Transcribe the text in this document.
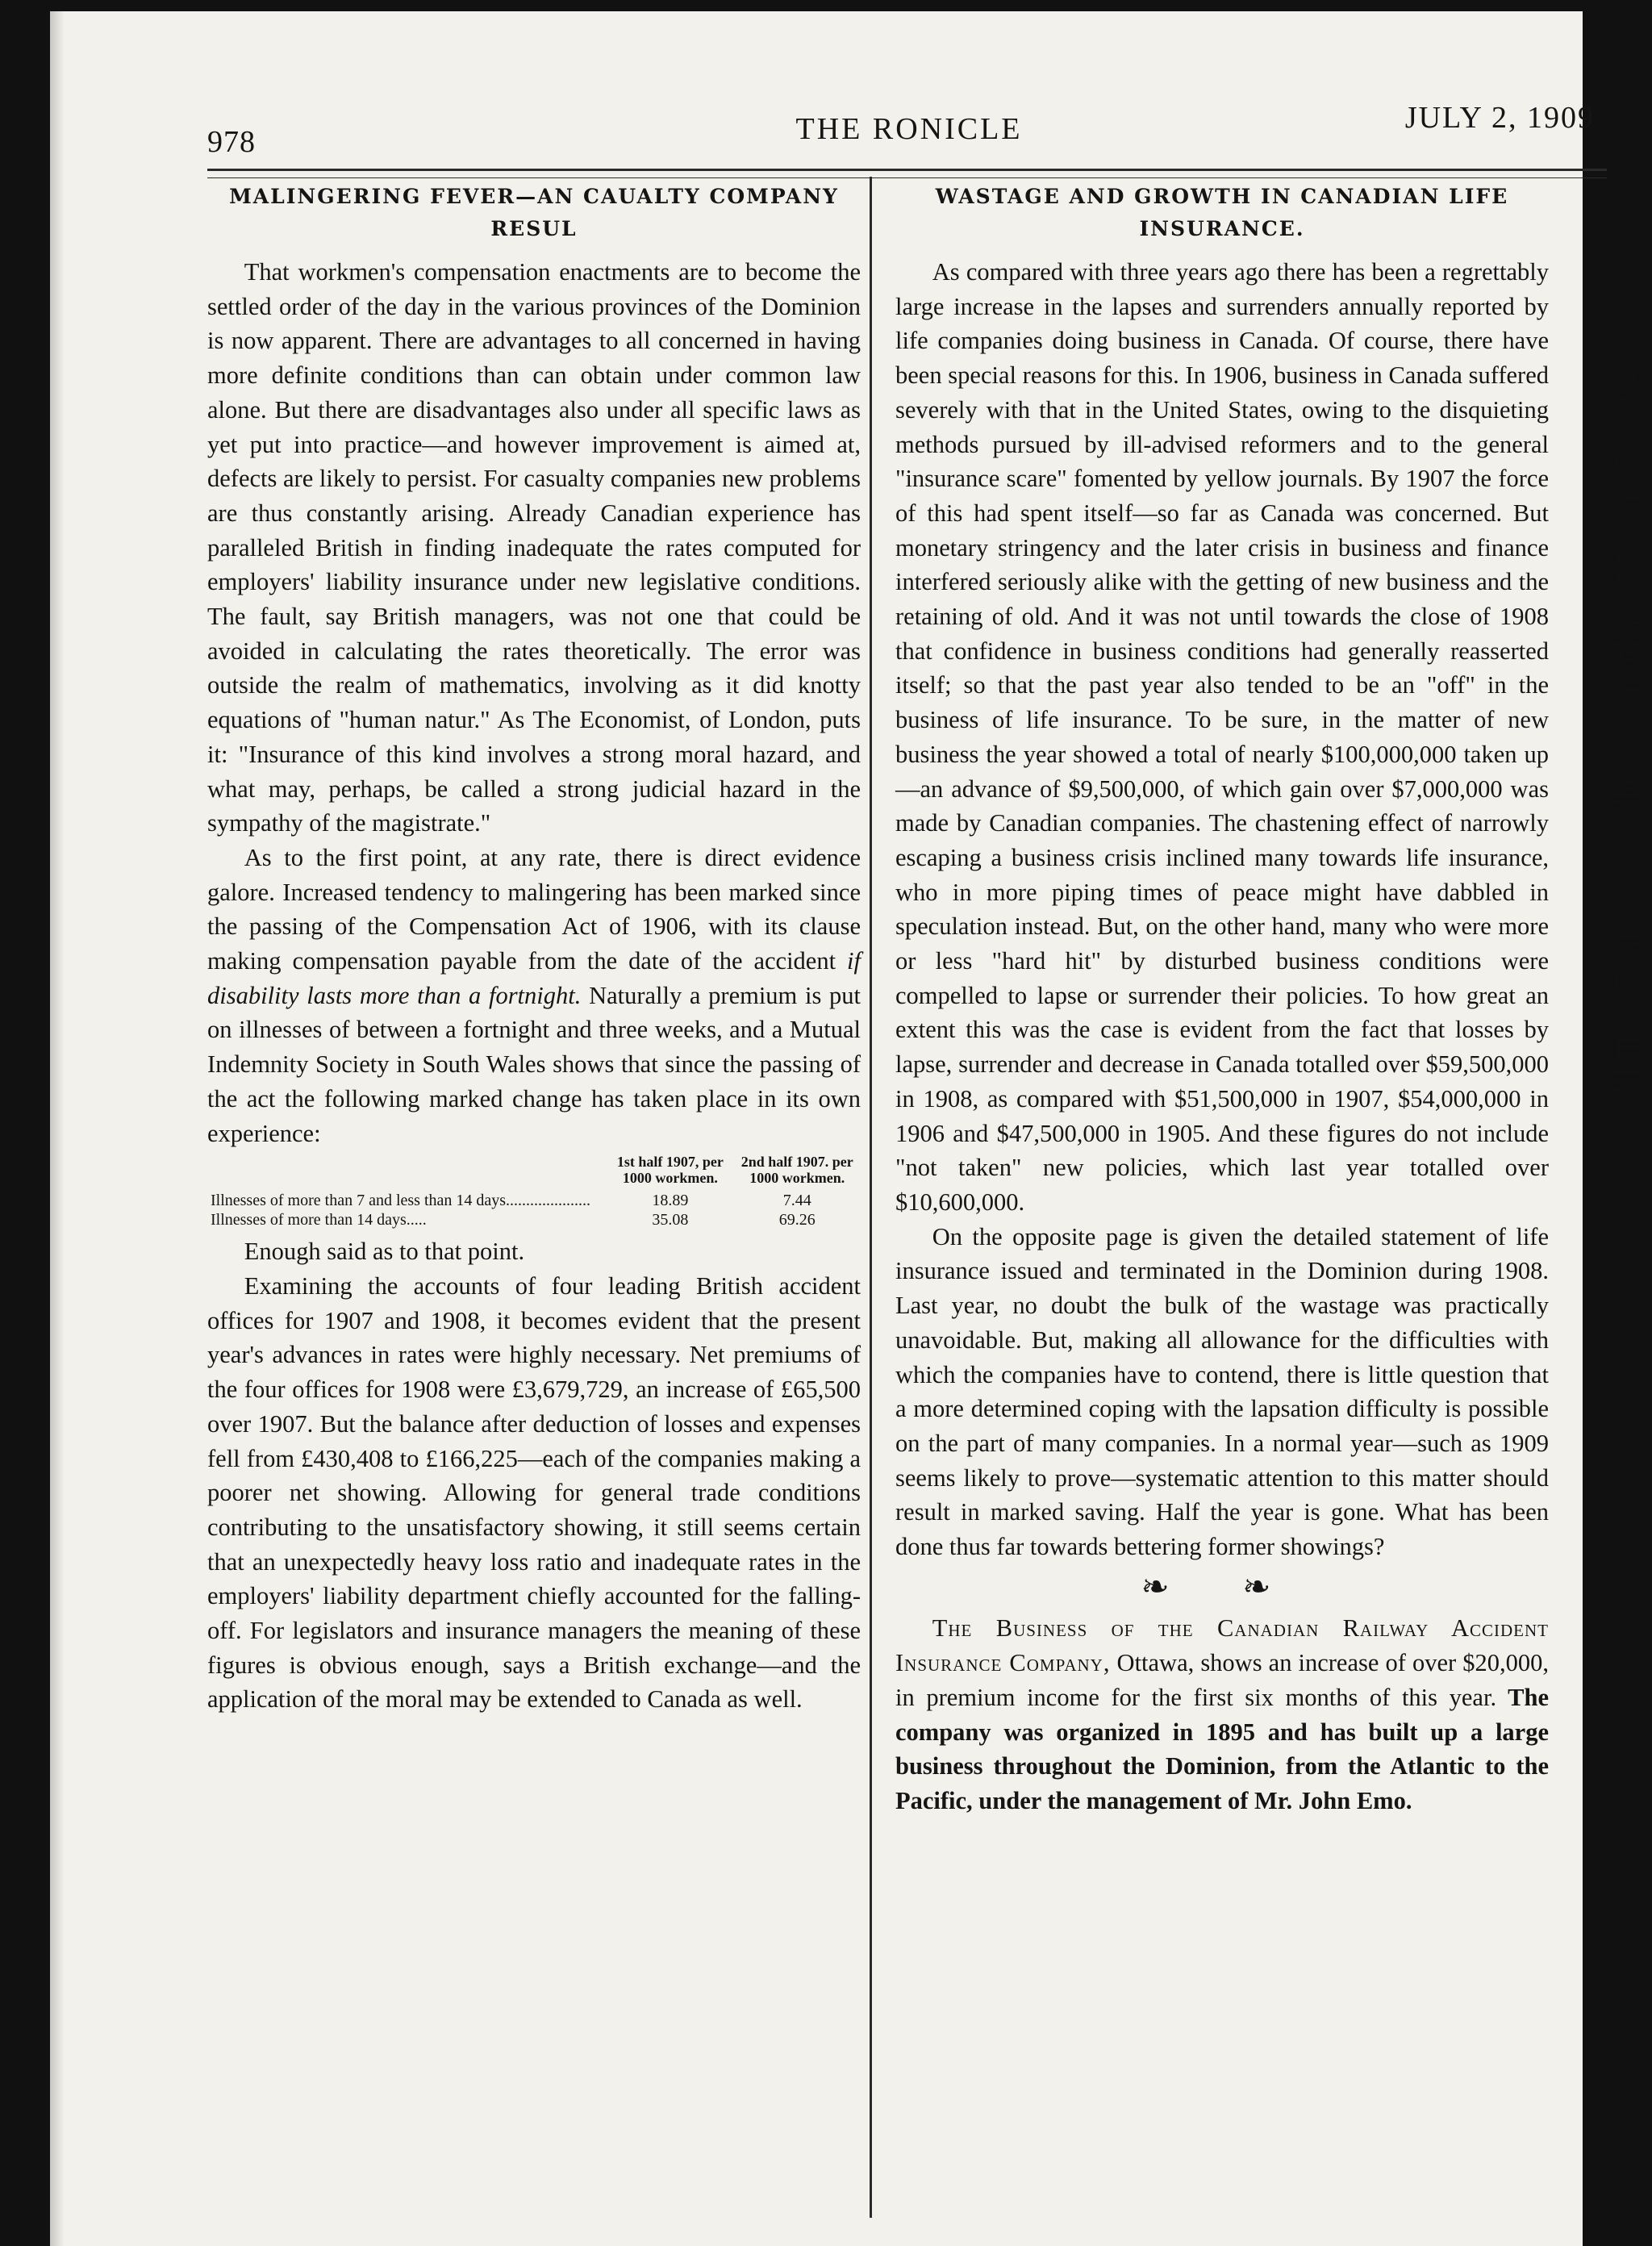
978	THE RONICLE	JULY 2, 1909
MALINGERING FEVER—AN CAUALTY COMPANY RESUL

That workmen's compensation enactments are to become the settled order of the day in the various provinces of the Dominion is now apparent. There are advantages to all concerned in having more definite conditions than can obtain under common law alone. But there are disadvantages also under all specific laws as yet put into practice—and however improvement is aimed at, defects are likely to persist. For casualty companies new problems are thus constantly arising. Already Canadian experience has paralleled British in finding inadequate the rates computed for employers' liability insurance under new legislative conditions. The fault, say British managers, was not one that could be avoided in calculating the rates theoretically. The error was outside the realm of mathematics, involving as it did knotty equations of "human natur." As The Economist, of London, puts it: "Insurance of this kind involves a strong moral hazard, and what may, perhaps, be called a strong judicial hazard in the sympathy of the magistrate."

As to the first point, at any rate, there is direct evidence galore. Increased tendency to malingering has been marked since the passing of the Compensation Act of 1906, with its clause making compensation payable from the date of the accident if disability lasts more than a fortnight. Naturally a premium is put on illnesses of between a fortnight and three weeks, and a Mutual Indemnity Society in South Wales shows that since the passing of the act the following marked change has taken place in its own experience:

	1st half 1907, per 1000 workmen.	2nd half 1907. per 1000 workmen.
Illnesses of more than 7 and less than 14 days.....................	18.89	7.44
Illnesses of more than 14 days.....	35.08	69.26

Enough said as to that point.

Examining the accounts of four leading British accident offices for 1907 and 1908, it becomes evident that the present year's advances in rates were highly necessary. Net premiums of the four offices for 1908 were £3,679,729, an increase of £65,500 over 1907. But the balance after deduction of losses and expenses fell from £430,408 to £166,225—each of the companies making a poorer net showing. Allowing for general trade conditions contributing to the unsatisfactory showing, it still seems certain that an unexpectedly heavy loss ratio and inadequate rates in the employers' liability department chiefly accounted for the falling-off. For legislators and insurance managers the meaning of these figures is obvious enough, says a British exchange—and the application of the moral may be extended to Canada as well.

WASTAGE AND GROWTH IN CANADIAN LIFE INSURANCE.

As compared with three years ago there has been a regrettably large increase in the lapses and surrenders annually reported by life companies doing business in Canada. Of course, there have been special reasons for this. In 1906, business in Canada suffered severely with that in the United States, owing to the disquieting methods pursued by ill-advised reformers and to the general "insurance scare" fomented by yellow journals. By 1907 the force of this had spent itself—so far as Canada was concerned. But monetary stringency and the later crisis in business and finance interfered seriously alike with the getting of new business and the retaining of old. And it was not until towards the close of 1908 that confidence in business conditions had generally reasserted itself; so that the past year also tended to be an "off" in the business of life insurance. To be sure, in the matter of new business the year showed a total of nearly $100,000,000 taken up—an advance of $9,500,000, of which gain over $7,000,000 was made by Canadian companies. The chastening effect of narrowly escaping a business crisis inclined many towards life insurance, who in more piping times of peace might have dabbled in speculation instead. But, on the other hand, many who were more or less "hard hit" by disturbed business conditions were compelled to lapse or surrender their policies. To how great an extent this was the case is evident from the fact that losses by lapse, surrender and decrease in Canada totalled over $59,500,000 in 1908, as compared with $51,500,000 in 1907, $54,000,000 in 1906 and $47,500,000 in 1905. And these figures do not include "not taken" new policies, which last year totalled over $10,600,000.

On the opposite page is given the detailed statement of life insurance issued and terminated in the Dominion during 1908. Last year, no doubt the bulk of the wastage was practically unavoidable. But, making all allowance for the difficulties with which the companies have to contend, there is little question that a more determined coping with the lapsation difficulty is possible on the part of many companies. In a normal year—such as 1909 seems likely to prove—systematic attention to this matter should result in marked saving. Half the year is gone. What has been done thus far towards bettering former showings?

❧ ❧

The Business of the Canadian Railway Accident Insurance Company, Ottawa, shows an increase of over $20,000, in premium income for the first six months of this year. The company was organized in 1895 and has built up a large business throughout the Dominion, from the Atlantic to the Pacific, under the management of Mr. John Emo.

d Ta Canada during the Year 1908.
